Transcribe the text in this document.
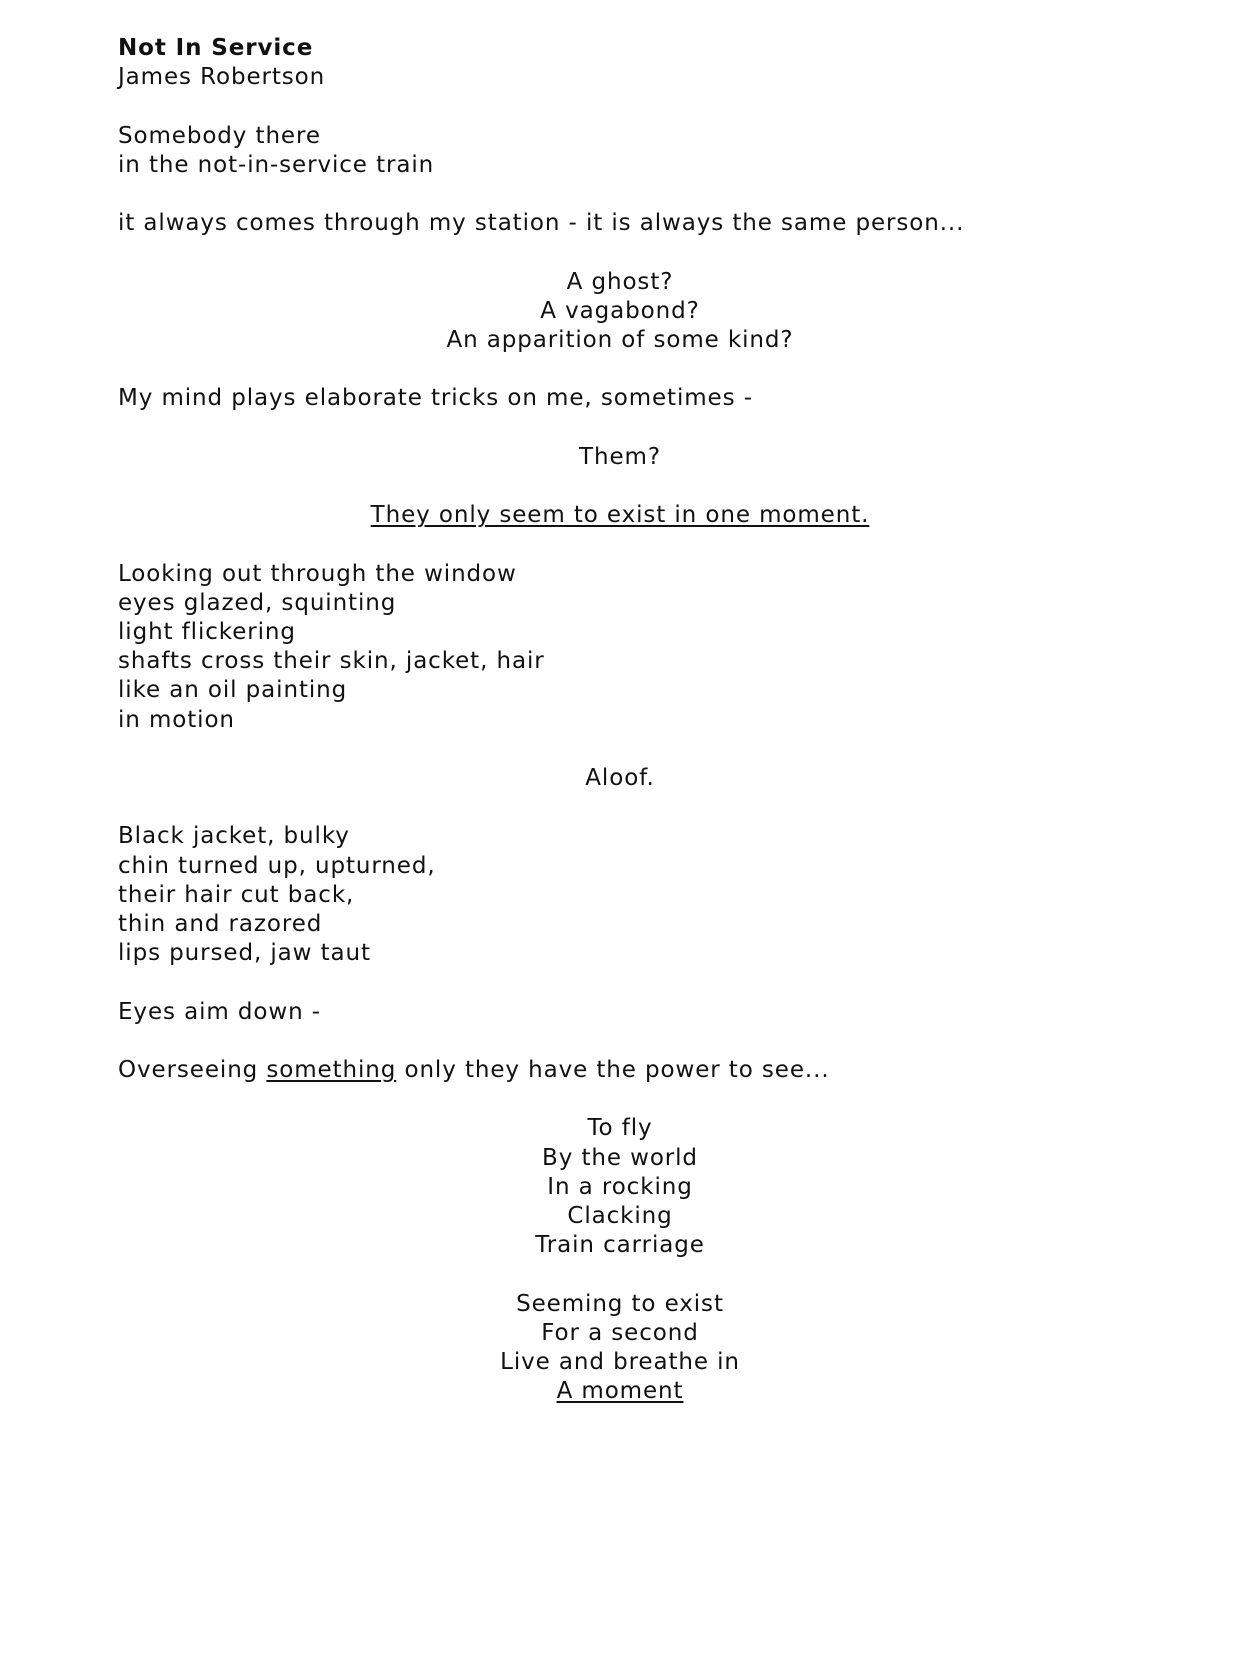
Not In Service
James Robertson
Somebody there
in the not-in-service train
it always comes through my station - it is always the same person...
A ghost?
A vagabond?
An apparition of some kind?
My mind plays elaborate tricks on me, sometimes -
Them?
They only seem to exist in one moment.
Looking out through the window
eyes glazed, squinting
light flickering
shafts cross their skin, jacket, hair
like an oil painting
in motion
Aloof.
Black jacket, bulky
chin turned up, upturned,
their hair cut back,
thin and razored
lips pursed, jaw taut
Eyes aim down -
Overseeing something only they have the power to see...
To fly
By the world
In a rocking
Clacking
Train carriage
Seeming to exist
For a second
Live and breathe in
A moment
